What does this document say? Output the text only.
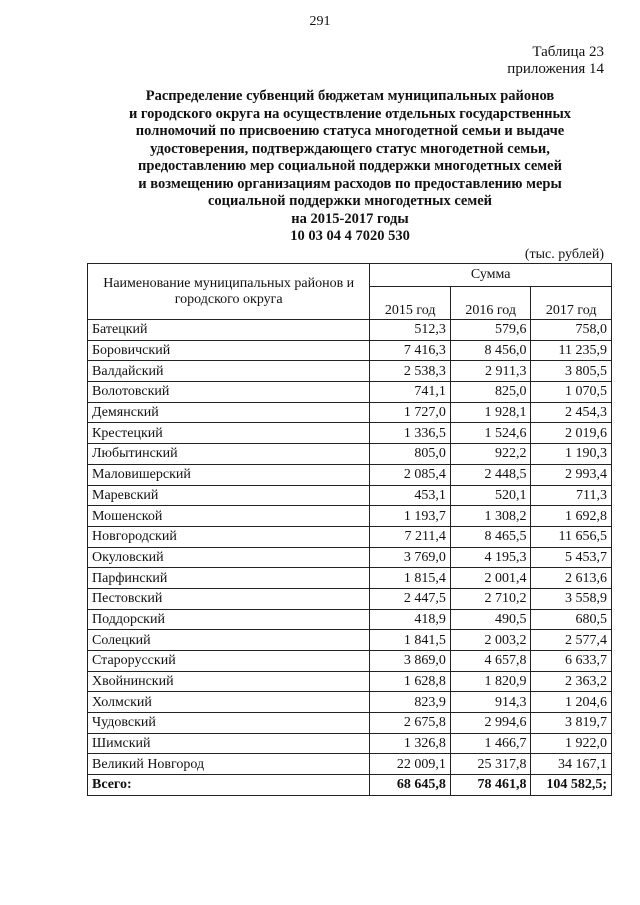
291
Таблица 23
приложения 14
Распределение субвенций бюджетам муниципальных районов
и городского округа на осуществление отдельных государственных
полномочий по присвоению статуса многодетной семьи и выдаче
удостоверения, подтверждающего статус многодетной семьи,
предоставлению мер социальной поддержки многодетных семей
и возмещению организациям расходов по предоставлению меры
социальной поддержки многодетных семей
на 2015-2017 годы
10 03 04 4 7020 530
(тыс. рублей)
Наименование муниципальных районов и городского округа	Сумма		
	2015 год	2016 год	2017 год
Батецкий	512,3	579,6	758,0
Боровичский	7 416,3	8 456,0	11 235,9
Валдайский	2 538,3	2 911,3	3 805,5
Волотовский	741,1	825,0	1 070,5
Демянский	1 727,0	1 928,1	2 454,3
Крестецкий	1 336,5	1 524,6	2 019,6
Любытинский	805,0	922,2	1 190,3
Маловишерский	2 085,4	2 448,5	2 993,4
Маревский	453,1	520,1	711,3
Мошенской	1 193,7	1 308,2	1 692,8
Новгородский	7 211,4	8 465,5	11 656,5
Окуловский	3 769,0	4 195,3	5 453,7
Парфинский	1 815,4	2 001,4	2 613,6
Пестовский	2 447,5	2 710,2	3 558,9
Поддорский	418,9	490,5	680,5
Солецкий	1 841,5	2 003,2	2 577,4
Старорусский	3 869,0	4 657,8	6 633,7
Хвойнинский	1 628,8	1 820,9	2 363,2
Холмский	823,9	914,3	1 204,6
Чудовский	2 675,8	2 994,6	3 819,7
Шимский	1 326,8	1 466,7	1 922,0
Великий Новгород	22 009,1	25 317,8	34 167,1
Всего:	68 645,8	78 461,8	104 582,5;
